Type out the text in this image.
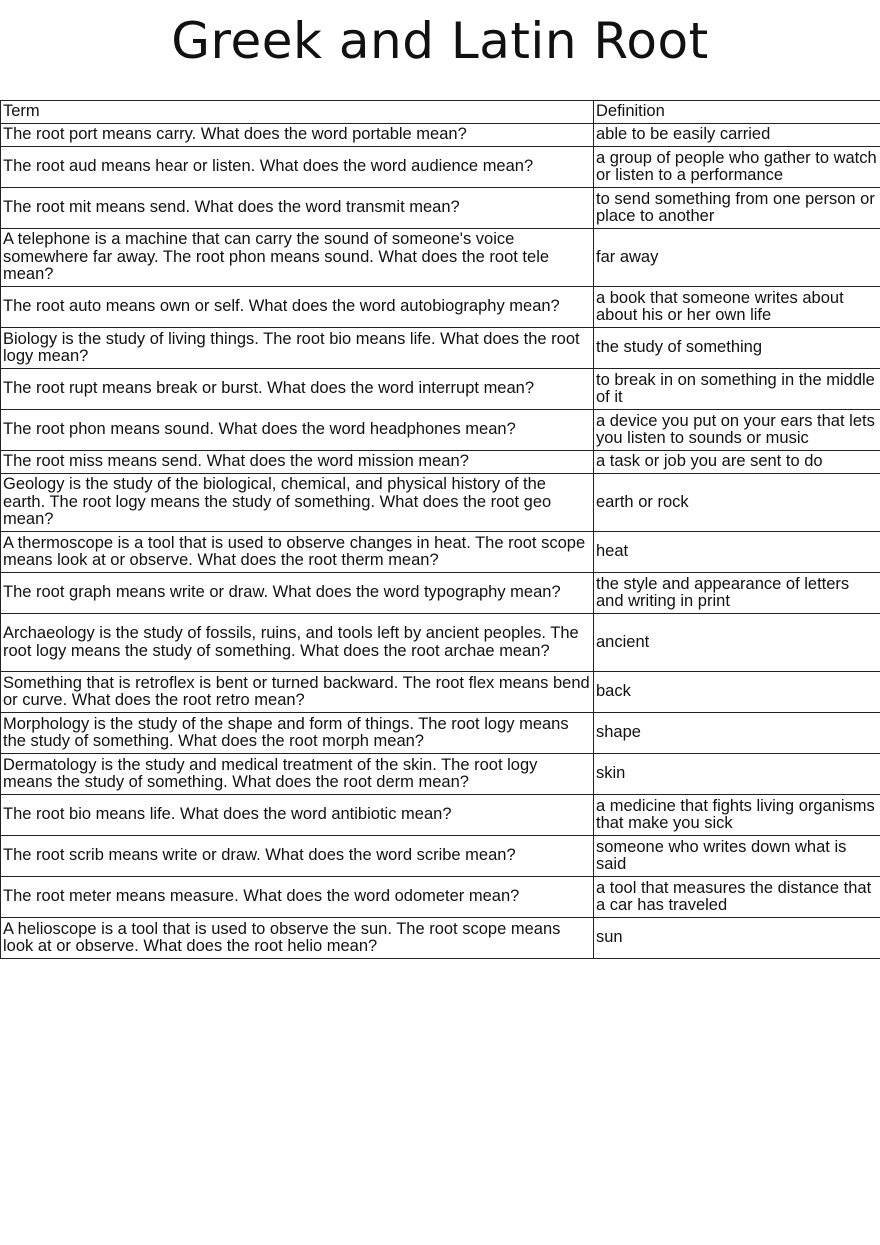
Greek and Latin Root
Term	Definition
The root port means carry. What does the word portable mean?	able to be easily carried
The root aud means hear or listen. What does the word audience mean?	a group of people who gather to watch or listen to a performance
The root mit means send. What does the word transmit mean?	to send something from one person or place to another
A telephone is a machine that can carry the sound of someone's voice somewhere far away. The root phon means sound. What does the root tele mean?	far away
The root auto means own or self. What does the word autobiography mean?	a book that someone writes about about his or her own life
Biology is the study of living things. The root bio means life. What does the root logy mean?	the study of something
The root rupt means break or burst. What does the word interrupt mean?	to break in on something in the middle of it
The root phon means sound. What does the word headphones mean?	a device you put on your ears that lets you listen to sounds or music
The root miss means send. What does the word mission mean?	a task or job you are sent to do
Geology is the study of the biological, chemical, and physical history of the earth. The root logy means the study of something. What does the root geo mean?	earth or rock
A thermoscope is a tool that is used to observe changes in heat. The root scope means look at or observe. What does the root therm mean?	heat
The root graph means write or draw. What does the word typography mean?	the style and appearance of letters and writing in print
Archaeology is the study of fossils, ruins, and tools left by ancient peoples. The root logy means the study of something. What does the root archae mean?	ancient
Something that is retroflex is bent or turned backward. The root flex means bend or curve. What does the root retro mean?	back
Morphology is the study of the shape and form of things. The root logy means the study of something. What does the root morph mean?	shape
Dermatology is the study and medical treatment of the skin. The root logy means the study of something. What does the root derm mean?	skin
The root bio means life. What does the word antibiotic mean?	a medicine that fights living organisms that make you sick
The root scrib means write or draw. What does the word scribe mean?	someone who writes down what is said
The root meter means measure. What does the word odometer mean?	a tool that measures the distance that a car has traveled
A helioscope is a tool that is used to observe the sun. The root scope means look at or observe. What does the root helio mean?	sun
